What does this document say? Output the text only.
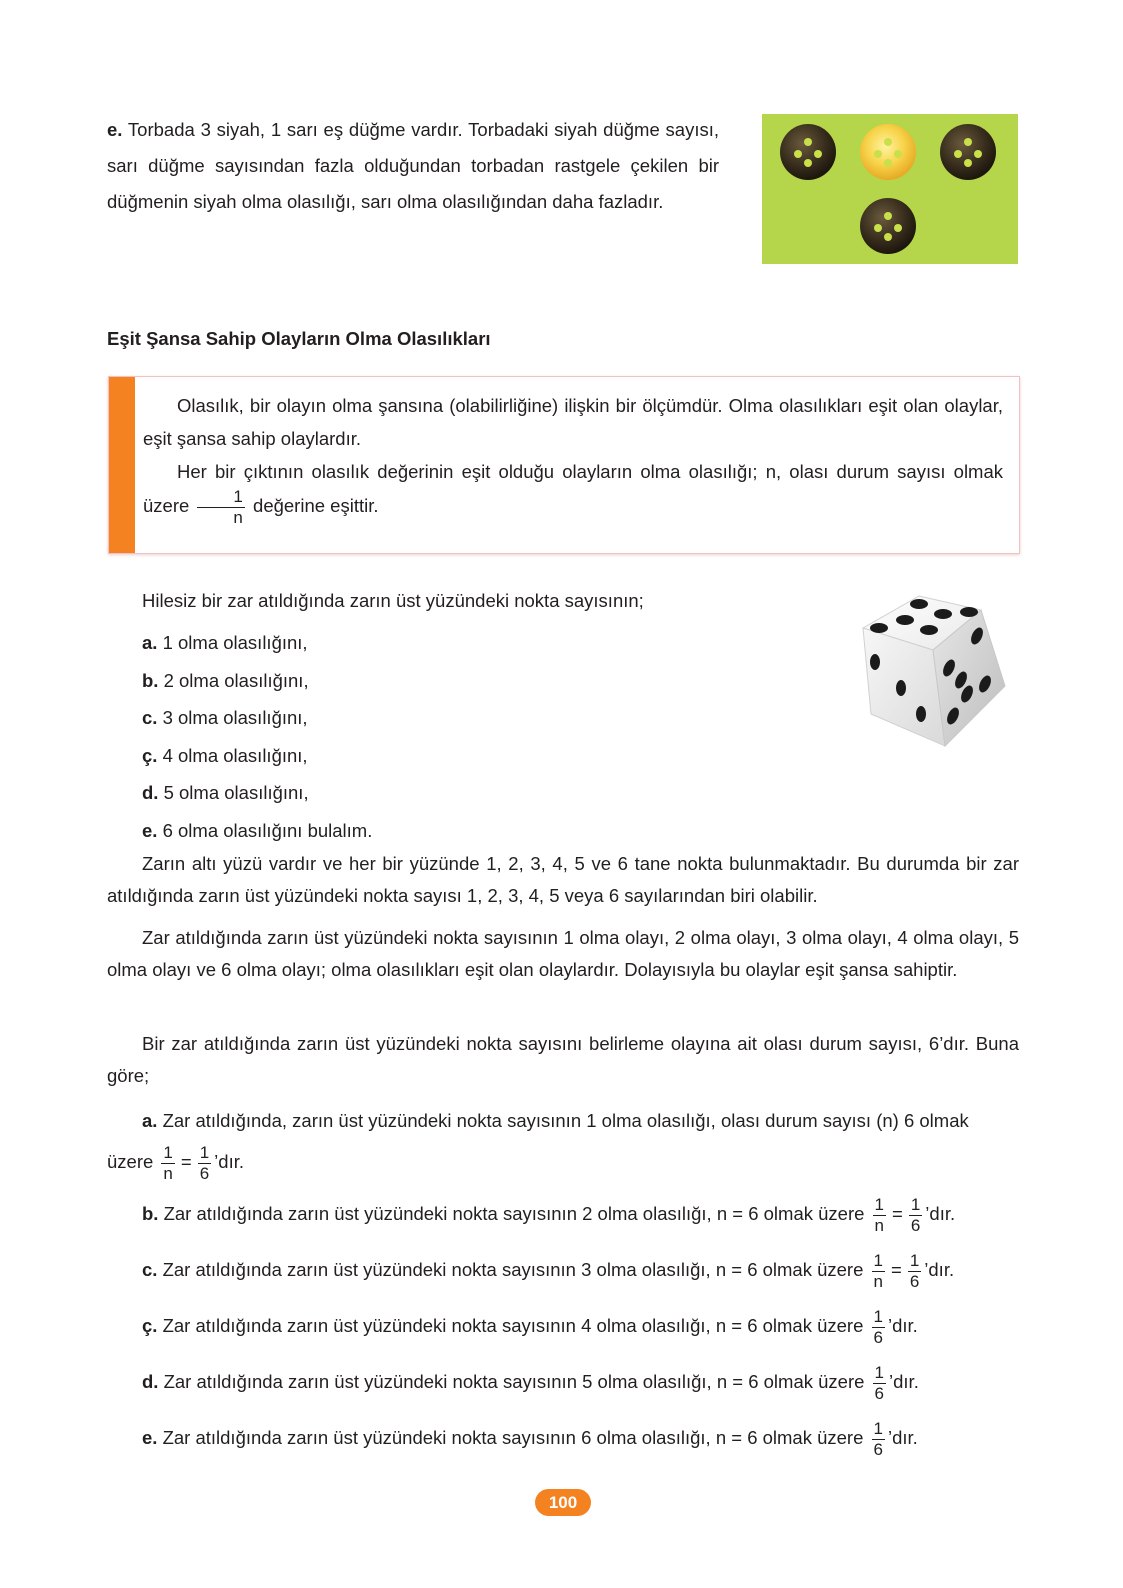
e. Torbada 3 siyah, 1 sarı eş düğme vardır. Torbadaki siyah düğme sayısı, sarı düğme sayısından fazla olduğundan torbadan rastgele çekilen bir düğmenin siyah olma olasılığı, sarı olma olasılığından daha fazladır.

Eşit Şansa Sahip Olayların Olma Olasılıkları

Olasılık, bir olayın olma şansına (olabilirliğine) ilişkin bir ölçümdür. Olma olasılıkları eşit olan olaylar, eşit şansa sahip olaylardır.

Her bir çıktının olasılık değerinin eşit olduğu olayların olma olasılığı; n, olası durum sayısı olmak üzere $\frac{1}{n}$ değerine eşittir.

Hilesiz bir zar atıldığında zarın üst yüzündeki nokta sayısının;

a. 1 olma olasılığını,

b. 2 olma olasılığını,

c. 3 olma olasılığını,

ç. 4 olma olasılığını,

d. 5 olma olasılığını,

e. 6 olma olasılığını bulalım.

Zarın altı yüzü vardır ve her bir yüzünde 1, 2, 3, 4, 5 ve 6 tane nokta bulunmaktadır. Bu durumda bir zar atıldığında zarın üst yüzündeki nokta sayısı 1, 2, 3, 4, 5 veya 6 sayılarından biri olabilir.

Zar atıldığında zarın üst yüzündeki nokta sayısının 1 olma olayı, 2 olma olayı, 3 olma olayı, 4 olma olayı, 5 olma olayı ve 6 olma olayı; olma olasılıkları eşit olan olaylardır. Dolayısıyla bu olaylar eşit şansa sahiptir.

Bir zar atıldığında zarın üst yüzündeki nokta sayısını belirleme olayına ait olası durum sayısı, 6’dır. Buna göre;

a. Zar atıldığında, zarın üst yüzündeki nokta sayısının 1 olma olasılığı, olası durum sayısı (n) 6 olmak

üzere $\frac{1}{n} = \frac{1}{6}$ ’dır.

b. Zar atıldığında zarın üst yüzündeki nokta sayısının 2 olma olasılığı, n = 6 olmak üzere $\frac{1}{n} = \frac{1}{6}$ ’dır.

c. Zar atıldığında zarın üst yüzündeki nokta sayısının 3 olma olasılığı, n = 6 olmak üzere $\frac{1}{n} = \frac{1}{6}$ ’dır.

ç. Zar atıldığında zarın üst yüzündeki nokta sayısının 4 olma olasılığı, n = 6 olmak üzere $\frac{1}{6}$ ’dır.

d. Zar atıldığında zarın üst yüzündeki nokta sayısının 5 olma olasılığı, n = 6 olmak üzere $\frac{1}{6}$ ’dır.

e. Zar atıldığında zarın üst yüzündeki nokta sayısının 6 olma olasılığı, n = 6 olmak üzere $\frac{1}{6}$ ’dır.

100
